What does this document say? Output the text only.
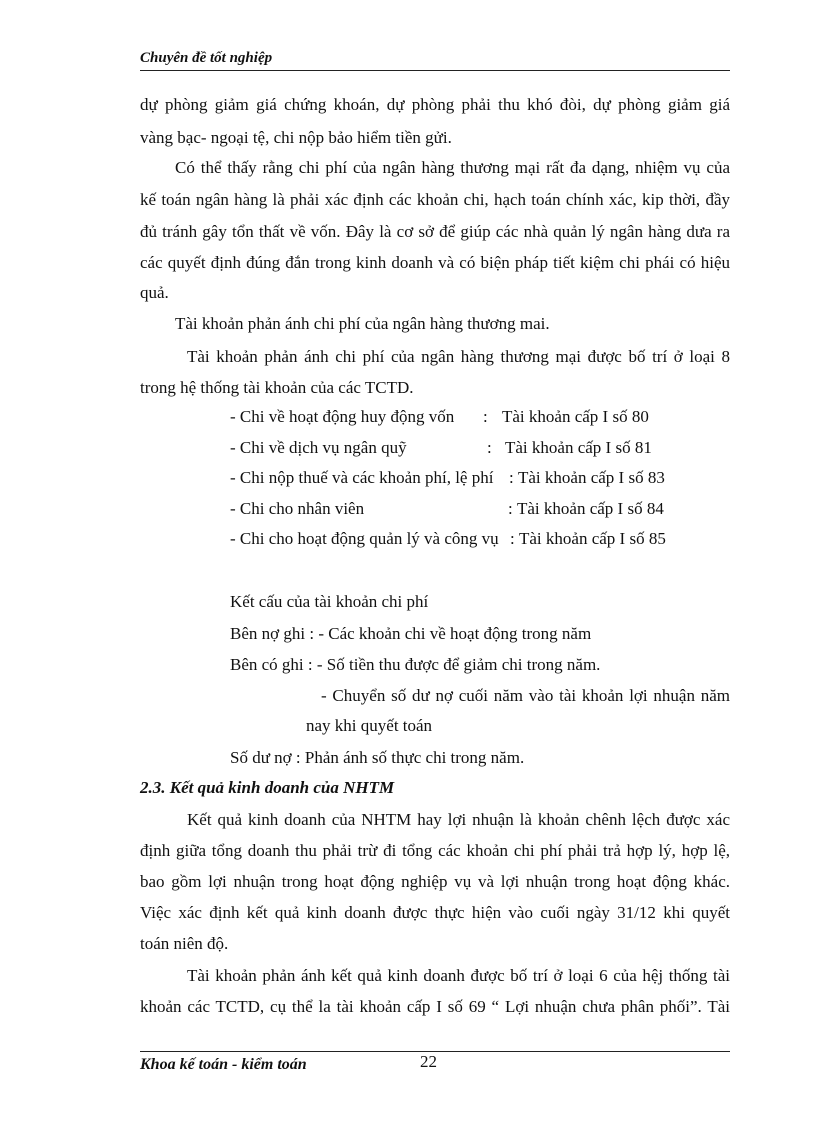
Chuyên đề tốt nghiệp
dự phòng giảm giá chứng khoán, dự phòng phải thu khó đòi, dự phòng giảm giá
vàng bạc- ngoại tệ, chi nộp bảo hiểm tiền gửi.
Có thể thấy rằng chi phí của ngân hàng thương mại rất đa dạng, nhiệm vụ của
kế toán ngân hàng là phải xác định các khoản chi, hạch toán chính xác, kip thời, đầy
đủ tránh gây tổn thất về vốn. Đây là cơ sở để giúp các nhà quản lý ngân hàng dưa ra
các quyết định đúng đắn trong kinh doanh và có biện pháp tiết kiệm chi phái có hiệu
quả.
Tài khoản phản ánh chi phí của ngân hàng thương mai.
Tài khoản phản ánh chi phí của ngân hàng thương mại được bố trí ở loại 8
trong hệ thống tài khoản của các TCTD.
- Chi về hoạt động huy động vốn : Tài khoản cấp I số 80
- Chi về dịch vụ ngân quỹ	: Tài khoản cấp I số 81
- Chi nộp thuế và các khoản phí, lệ phí : Tài khoản cấp I số 83
- Chi cho nhân viên	: Tài khoản cấp I số 84
- Chi cho hoạt động quản lý và công vụ : Tài khoản cấp I số 85
Kết cấu của tài khoản chi phí
Bên nợ ghi : - Các khoản chi về hoạt động trong năm
Bên có ghi : - Số tiền thu được để giảm chi trong năm.
- Chuyển số dư nợ cuối năm vào tài khoản lợi nhuận năm
nay khi quyết toán
Số dư nợ : Phản ánh số thực chi trong năm.
2.3. Kết quả kinh doanh của NHTM
Kết quả kinh doanh của NHTM hay lợi nhuận là khoản chênh lệch được xác
định giữa tổng doanh thu phải trừ đi tổng các khoản chi phí phải trả hợp lý, hợp lệ,
bao gồm lợi nhuận trong hoạt động nghiệp vụ và lợi nhuận trong hoạt động khác.
Việc xác định kết quả kinh doanh được thực hiện vào cuối ngày 31/12 khi quyết
toán niên độ.
Tài khoản phản ánh kết quả kinh doanh được bố trí ở loại 6 của hệj thống tài
khoản các TCTD, cụ thể la tài khoản cấp I số 69 “ Lợi nhuận chưa phân phối”. Tài
Khoa kế toán - kiểm toán	22
